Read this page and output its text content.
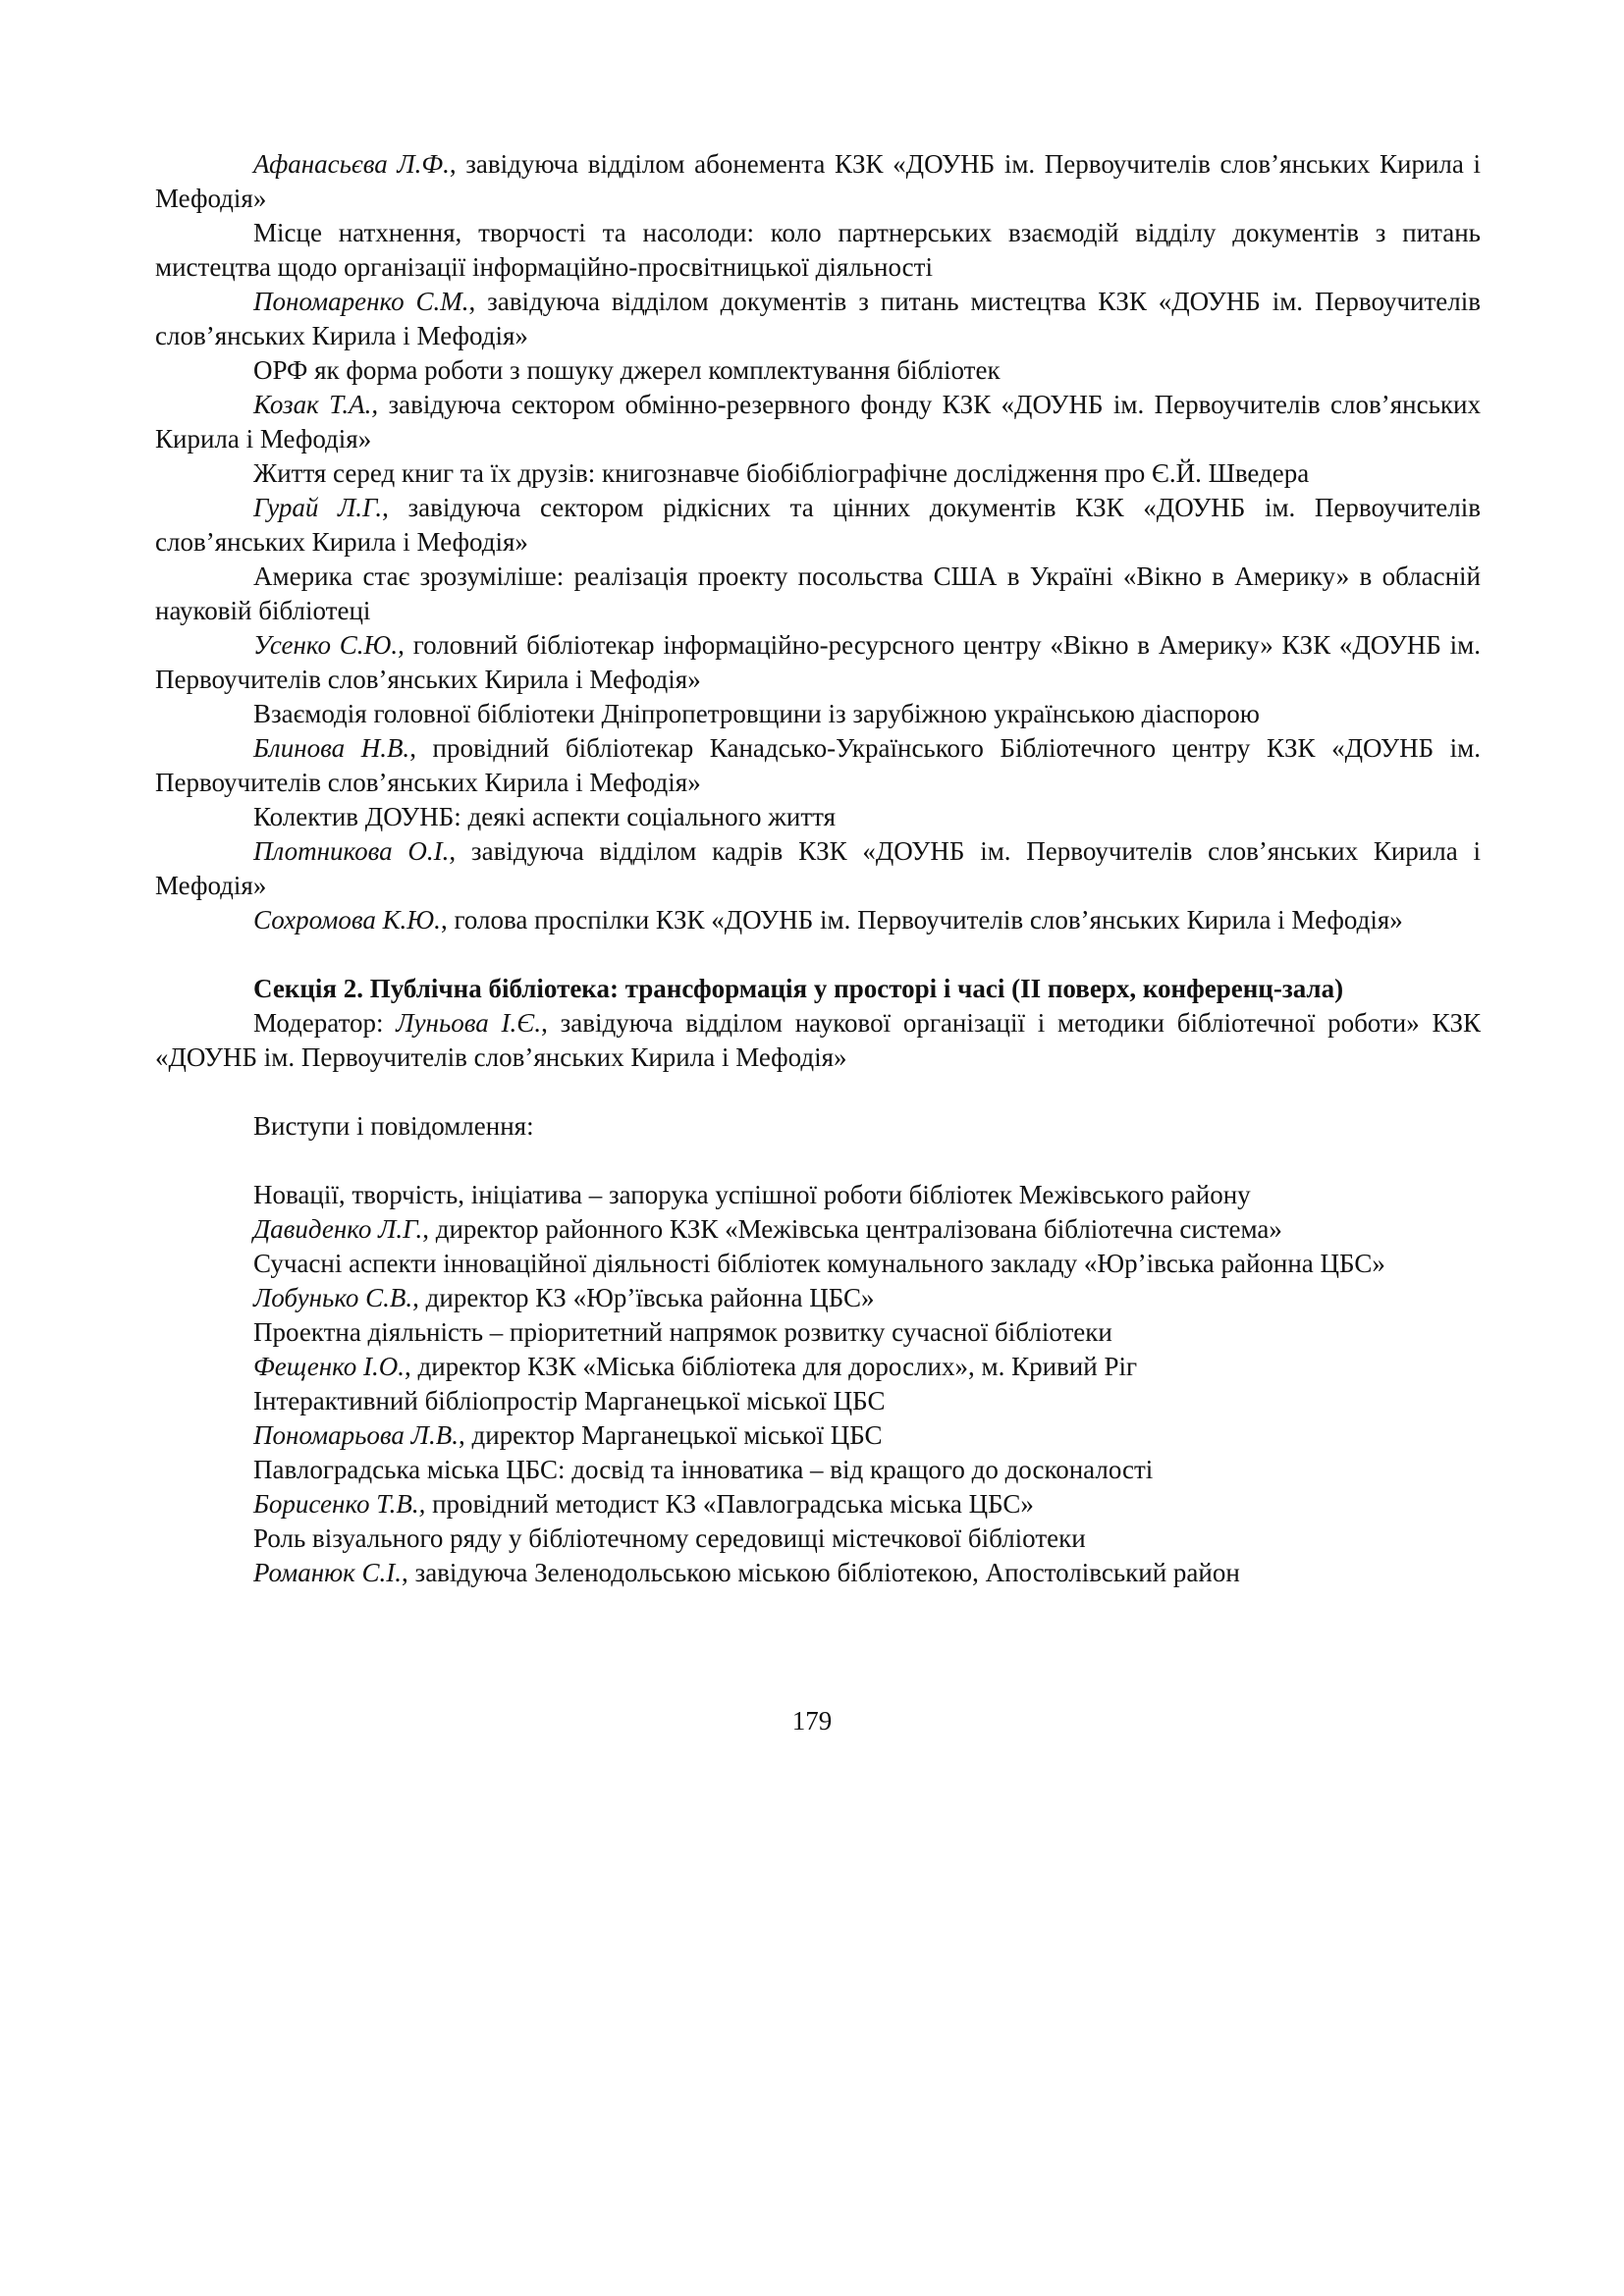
Афанасьєва Л.Ф., завідуюча відділом абонемента КЗК «ДОУНБ ім. Первоучителів слов’янських Кирила і Мефодія»

Місце натхнення, творчості та насолоди: коло партнерських взаємодій відділу документів з питань мистецтва щодо організації інформаційно-просвітницької діяльності

Пономаренко С.М., завідуюча відділом документів з питань мистецтва КЗК «ДОУНБ ім. Первоучителів слов’янських Кирила і Мефодія»

ОРФ як форма роботи з пошуку джерел комплектування бібліотек

Козак Т.А., завідуюча сектором обмінно-резервного фонду КЗК «ДОУНБ ім. Первоучителів слов’янських Кирила і Мефодія»

Життя серед книг та їх друзів: книгознавче біобібліографічне дослідження про Є.Й. Шведера

Гурай Л.Г., завідуюча сектором рідкісних та цінних документів КЗК «ДОУНБ ім. Первоучителів слов’янських Кирила і Мефодія»

Америка стає зрозуміліше: реалізація проекту посольства США в Україні «Вікно в Америку» в обласній науковій бібліотеці

Усенко С.Ю., головний бібліотекар інформаційно-ресурсного центру «Вікно в Америку» КЗК «ДОУНБ ім. Первоучителів слов’янських Кирила і Мефодія»

Взаємодія головної бібліотеки Дніпропетровщини із зарубіжною українською діаспорою

Блинова Н.В., провідний бібліотекар Канадсько-Українського Бібліотечного центру КЗК «ДОУНБ ім. Первоучителів слов’янських Кирила і Мефодія»

Колектив ДОУНБ: деякі аспекти соціального життя

Плотникова О.І., завідуюча відділом кадрів КЗК «ДОУНБ ім. Первоучителів слов’янських Кирила і Мефодія»

Сохромова К.Ю., голова проспілки КЗК «ДОУНБ ім. Первоучителів слов’янських Кирила і Мефодія»

Секція 2. Публічна бібліотека: трансформація у просторі і часі (ІІ поверх, конференц-зала)

Модератор: Луньова І.Є., завідуюча відділом наукової організації і методики бібліотечної роботи» КЗК «ДОУНБ ім. Первоучителів слов’янських Кирила і Мефодія»

Виступи і повідомлення:

Новації, творчість, ініціатива – запорука успішної роботи бібліотек Межівського району

Давиденко Л.Г., директор районного КЗК «Межівська централізована бібліотечна система»

Сучасні аспекти інноваційної діяльності бібліотек комунального закладу «Юр’івська районна ЦБС»

Лобунько С.В., директор КЗ «Юр’ївська районна ЦБС»

Проектна діяльність – пріоритетний напрямок розвитку сучасної бібліотеки

Фещенко І.О., директор КЗК «Міська бібліотека для дорослих», м. Кривий Ріг

Інтерактивний бібліопростір Марганецької міської ЦБС

Пономарьова Л.В., директор Марганецької міської ЦБС

Павлоградська міська ЦБС: досвід та інноватика – від кращого до досконалості

Борисенко Т.В., провідний методист КЗ «Павлоградська міська ЦБС»

Роль візуального ряду у бібліотечному середовищі містечкової бібліотеки

Романюк С.І., завідуюча Зеленодольською міською бібліотекою, Апостолівський район

179
